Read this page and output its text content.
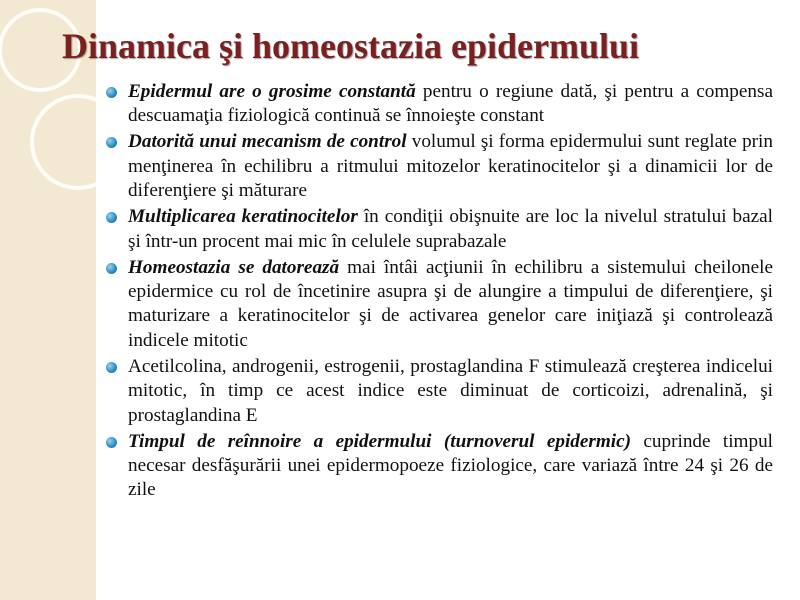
Dinamica şi homeostazia epidermului
Epidermul are o grosime constantă pentru o regiune dată, şi pentru a compensa descuamaţia fiziologică continuă se înnoieşte constant
Datorită unui mecanism de control volumul şi forma epidermului sunt reglate prin menţinerea în echilibru a ritmului mitozelor keratinocitelor şi a dinamicii lor de diferenţiere şi măturare
Multiplicarea keratinocitelor în condiţii obişnuite are loc la nivelul stratului bazal şi într-un procent mai mic în celulele suprabazale
Homeostazia se datorează mai întâi acţiunii în echilibru a sistemului cheilonele epidermice cu rol de încetinire asupra şi de alungire a timpului de diferenţiere, şi maturizare a keratinocitelor şi de activarea genelor care iniţiază şi controlează indicele mitotic
Acetilcolina, androgenii, estrogenii, prostaglandina F stimulează creşterea indicelui mitotic, în timp ce acest indice este diminuat de corticoizi, adrenalină, şi prostaglandina E
Timpul de reînnoire a epidermului (turnoverul epidermic) cuprinde timpul necesar desfăşurării unei epidermopoeze fiziologice, care variază între 24 şi 26 de zile
